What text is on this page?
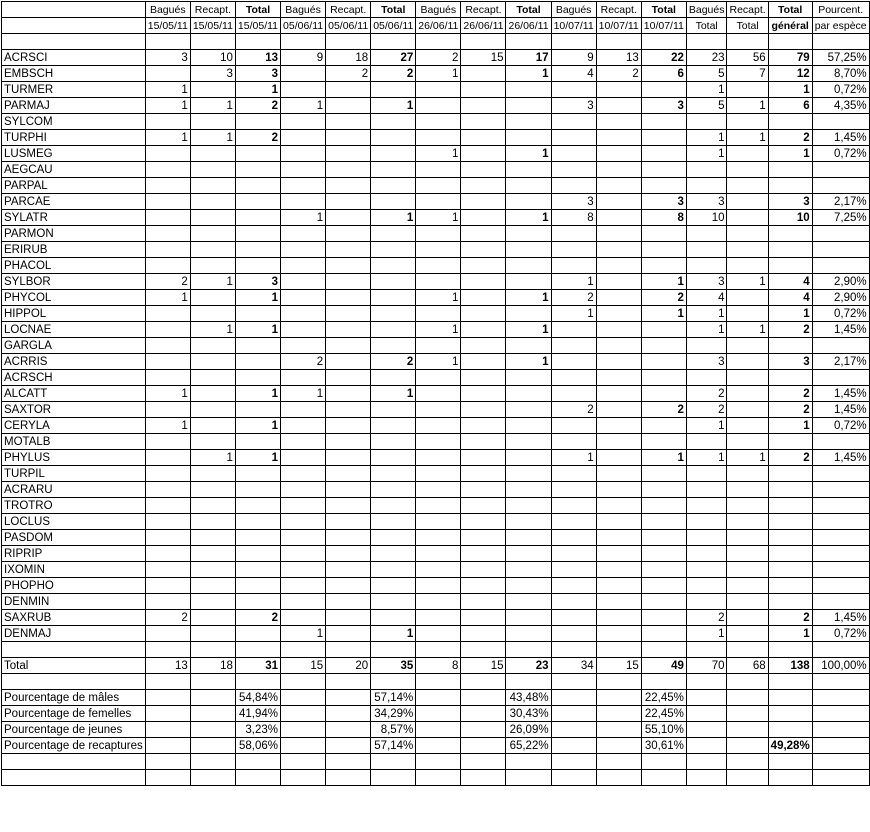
	Bagués	Recapt.	Total	Bagués	Recapt.	Total	Bagués	Recapt.	Total	Bagués	Recapt.	Total	Bagués	Recapt.	Total	Pourcent.
	15/05/11	15/05/11	15/05/11	05/06/11	05/06/11	05/06/11	26/06/11	26/06/11	26/06/11	10/07/11	10/07/11	10/07/11	Total	Total	général	par espèce

ACRSCI	3	10	13	9	18	27	2	15	17	9	13	22	23	56	79	57,25%
EMBSCH		3	3		2	2	1		1	4	2	6	5	7	12	8,70%
TURMER	1		1										1		1	0,72%
PARMAJ	1	1	2	1		1				3		3	5	1	6	4,35%
SYLCOM																
TURPHI	1	1	2										1	1	2	1,45%
LUSMEG							1		1				1		1	0,72%
AEGCAU																
PARPAL																
PARCAE										3		3	3		3	2,17%
SYLATR				1		1	1		1	8		8	10		10	7,25%
PARMON																
ERIRUB																
PHACOL																
SYLBOR	2	1	3							1		1	3	1	4	2,90%
PHYCOL	1		1				1		1	2		2	4		4	2,90%
HIPPOL										1		1	1		1	0,72%
LOCNAE		1	1				1		1				1	1	2	1,45%
GARGLA																
ACRRIS				2		2	1		1				3		3	2,17%
ACRSCH																
ALCATT	1		1	1		1							2		2	1,45%
SAXTOR										2		2	2		2	1,45%
CERYLA	1		1										1		1	0,72%
MOTALB																
PHYLUS		1	1							1		1	1	1	2	1,45%
TURPIL																
ACRARU																
TROTRO																
LOCLUS																
PASDOM																
RIPRIP																
IXOMIN																
PHOPHO																
DENMIN																
SAXRUB	2		2										2		2	1,45%
DENMAJ				1		1							1		1	0,72%

Total	13	18	31	15	20	35	8	15	23	34	15	49	70	68	138	100,00%

Pourcentage de mâles			54,84%			57,14%			43,48%			22,45%				
Pourcentage de femelles			41,94%			34,29%			30,43%			22,45%				
Pourcentage de jeunes			3,23%			8,57%			26,09%			55,10%				
Pourcentage de recaptures			58,06%			57,14%			65,22%			30,61%			49,28%	
